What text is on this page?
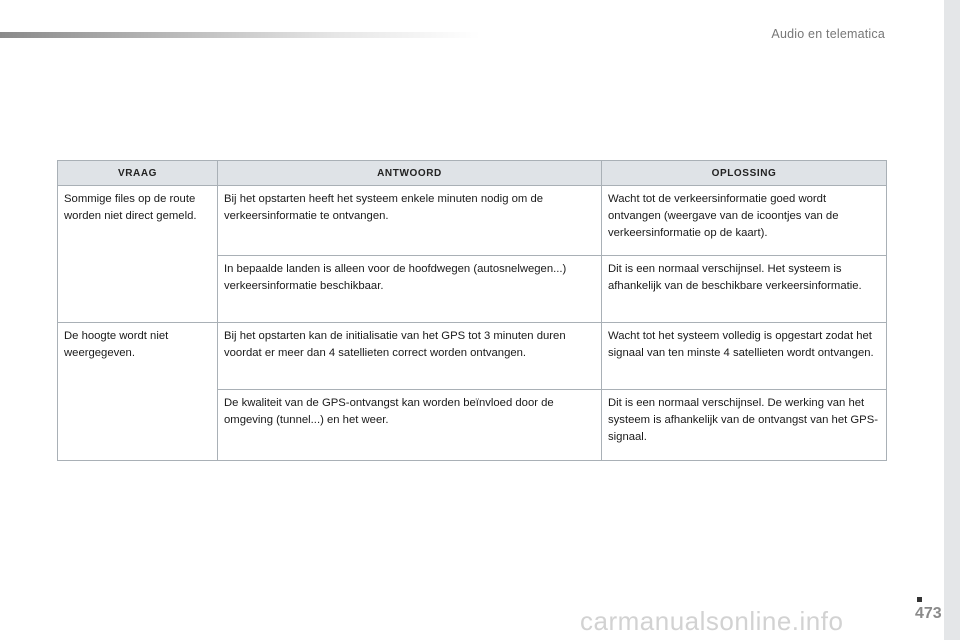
Audio en telematica
VRAAG	ANTWOORD	OPLOSSING
Sommige files op de route worden niet direct gemeld.	Bij het opstarten heeft het systeem enkele minuten nodig om de verkeersinformatie te ontvangen.	Wacht tot de verkeersinformatie goed wordt ontvangen (weergave van de icoontjes van de verkeersinformatie op de kaart).
	In bepaalde landen is alleen voor de hoofdwegen (autosnelwegen...) verkeersinformatie beschikbaar.	Dit is een normaal verschijnsel. Het systeem is afhankelijk van de beschikbare verkeersinformatie.
De hoogte wordt niet weergegeven.	Bij het opstarten kan de initialisatie van het GPS tot 3 minuten duren voordat er meer dan 4 satellieten correct worden ontvangen.	Wacht tot het systeem volledig is opgestart zodat het signaal van ten minste 4 satellieten wordt ontvangen.
	De kwaliteit van de GPS-ontvangst kan worden beïnvloed door de omgeving (tunnel...) en het weer.	Dit is een normaal verschijnsel. De werking van het systeem is afhankelijk van de ontvangst van het GPS-signaal.
473
carmanualsonline.info
